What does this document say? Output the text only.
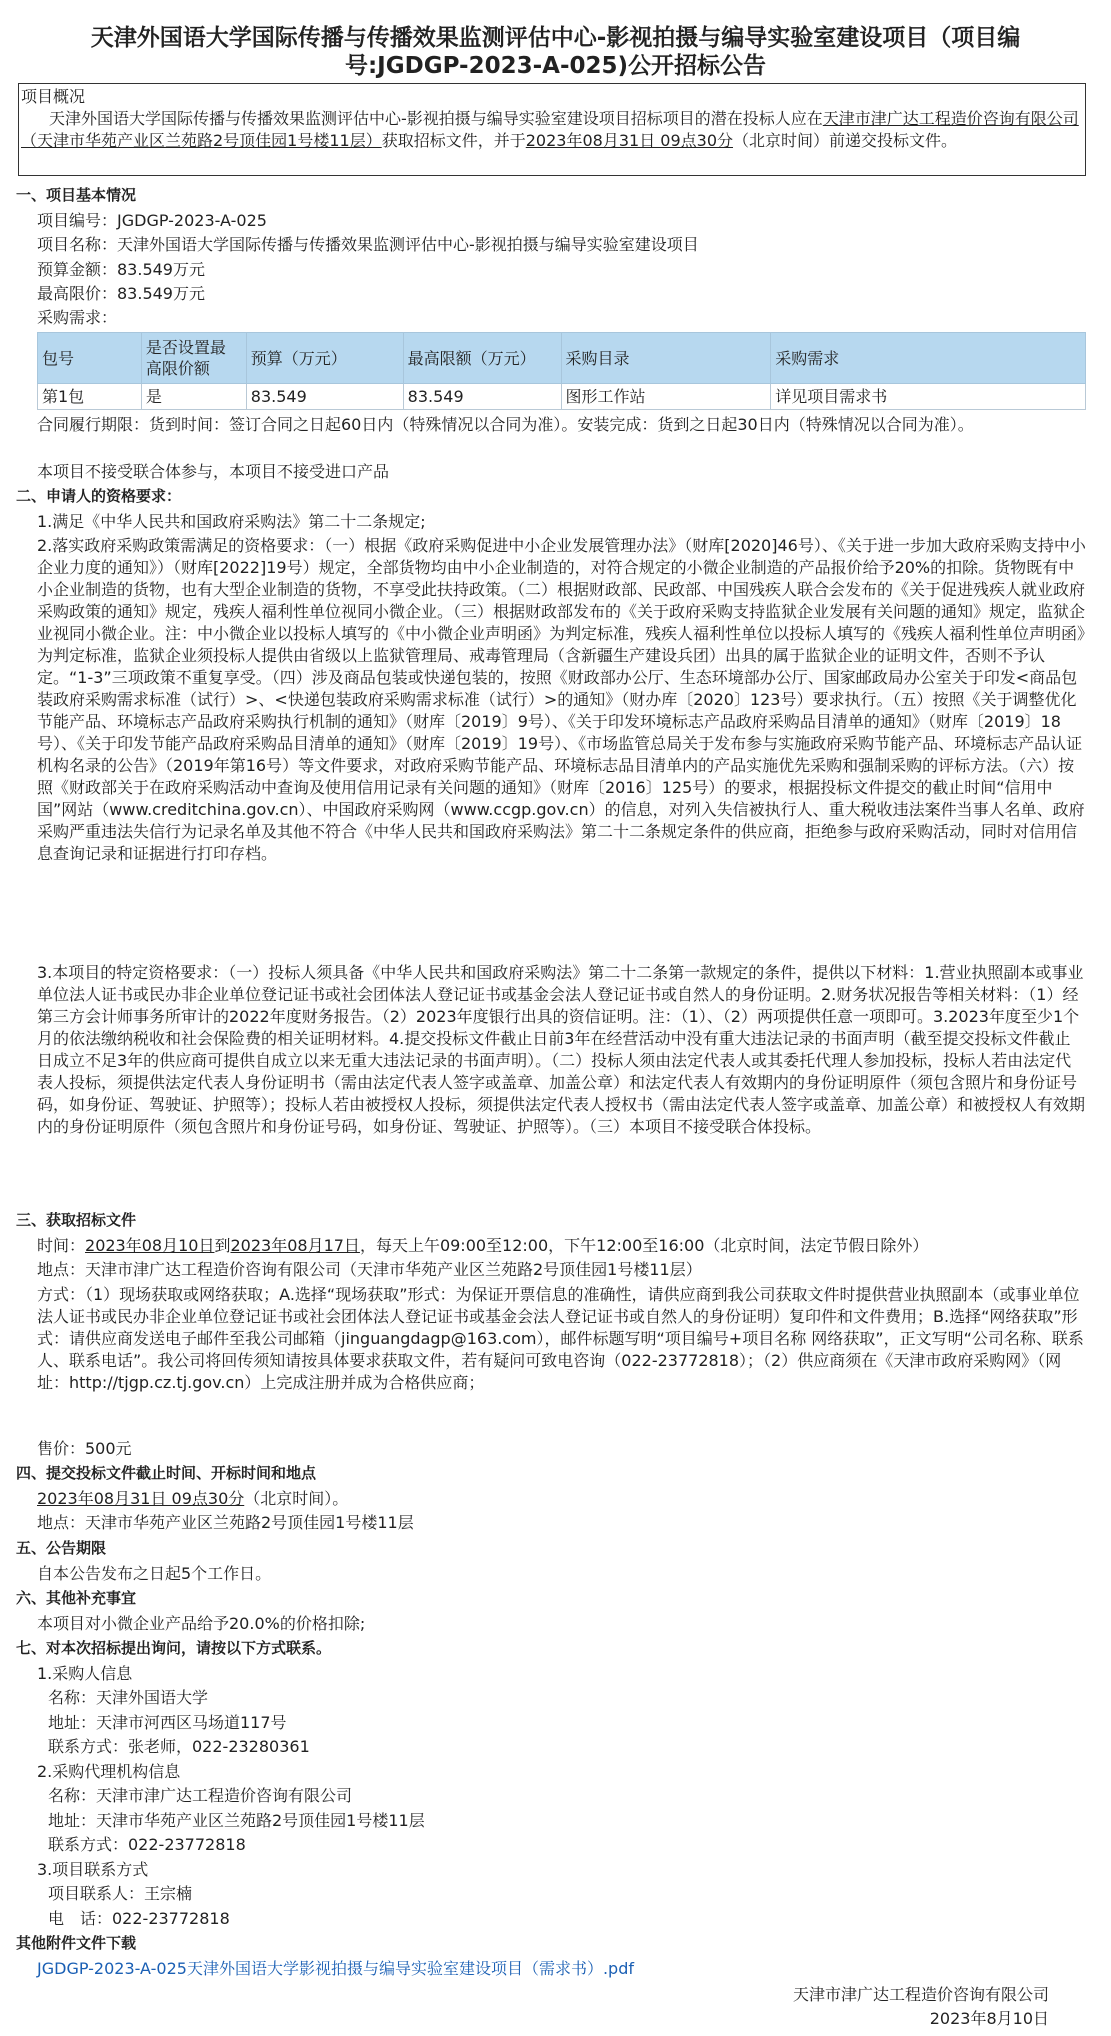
天津外国语大学国际传播与传播效果监测评估中心-影视拍摄与编导实验室建设项目（项目编号:JGDGP-2023-A-025)公开招标公告
项目概况
天津外国语大学国际传播与传播效果监测评估中心-影视拍摄与编导实验室建设项目招标项目的潜在投标人应在天津市津广达工程造价咨询有限公司（天津市华苑产业区兰苑路2号顶佳园1号楼11层）获取招标文件，并于2023年08月31日 09点30分（北京时间）前递交投标文件。
一、项目基本情况
项目编号：JGDGP-2023-A-025
项目名称：天津外国语大学国际传播与传播效果监测评估中心-影视拍摄与编导实验室建设项目
预算金额：83.549万元
最高限价：83.549万元
采购需求：
包号	是否设置最高限价额	预算（万元）	最高限额（万元）	采购目录	采购需求
第1包	是	83.549	83.549	图形工作站	详见项目需求书
合同履行期限：货到时间：签订合同之日起60日内（特殊情况以合同为准）。安装完成：货到之日起30日内（特殊情况以合同为准）。
本项目不接受联合体参与，本项目不接受进口产品
二、申请人的资格要求：
1.满足《中华人民共和国政府采购法》第二十二条规定;
2.落实政府采购政策需满足的资格要求：（一）根据《政府采购促进中小企业发展管理办法》（财库[2020]46号）、《关于进一步加大政府采购支持中小企业力度的通知》）（财库[2022]19号）规定，全部货物均由中小企业制造的，对符合规定的小微企业制造的产品报价给予20%的扣除。货物既有中小企业制造的货物，也有大型企业制造的货物，不享受此扶持政策。（二）根据财政部、民政部、中国残疾人联合会发布的《关于促进残疾人就业政府采购政策的通知》规定，残疾人福利性单位视同小微企业。（三）根据财政部发布的《关于政府采购支持监狱企业发展有关问题的通知》规定，监狱企业视同小微企业。注：中小微企业以投标人填写的《中小微企业声明函》为判定标准，残疾人福利性单位以投标人填写的《残疾人福利性单位声明函》为判定标准，监狱企业须投标人提供由省级以上监狱管理局、戒毒管理局（含新疆生产建设兵团）出具的属于监狱企业的证明文件，否则不予认定。“1-3”三项政策不重复享受。（四）涉及商品包装或快递包装的，按照《财政部办公厅、生态环境部办公厅、国家邮政局办公室关于印发<商品包装政府采购需求标准（试行）>、<快递包装政府采购需求标准（试行）>的通知》（财办库〔2020〕123号）要求执行。（五）按照《关于调整优化节能产品、环境标志产品政府采购执行机制的通知》（财库〔2019〕9号）、《关于印发环境标志产品政府采购品目清单的通知》（财库〔2019〕18号）、《关于印发节能产品政府采购品目清单的通知》（财库〔2019〕19号）、《市场监管总局关于发布参与实施政府采购节能产品、环境标志产品认证机构名录的公告》（2019年第16号）等文件要求，对政府采购节能产品、环境标志品目清单内的产品实施优先采购和强制采购的评标方法。（六）按照《财政部关于在政府采购活动中查询及使用信用记录有关问题的通知》（财库〔2016〕125号）的要求，根据投标文件提交的截止时间“信用中国”网站（www.creditchina.gov.cn）、中国政府采购网（www.ccgp.gov.cn）的信息，对列入失信被执行人、重大税收违法案件当事人名单、政府采购严重违法失信行为记录名单及其他不符合《中华人民共和国政府采购法》第二十二条规定条件的供应商，拒绝参与政府采购活动，同时对信用信息查询记录和证据进行打印存档。
3.本项目的特定资格要求：（一）投标人须具备《中华人民共和国政府采购法》第二十二条第一款规定的条件，提供以下材料：1.营业执照副本或事业单位法人证书或民办非企业单位登记证书或社会团体法人登记证书或基金会法人登记证书或自然人的身份证明。2.财务状况报告等相关材料：（1）经第三方会计师事务所审计的2022年度财务报告。（2）2023年度银行出具的资信证明。注：（1）、（2）两项提供任意一项即可。3.2023年度至少1个月的依法缴纳税收和社会保险费的相关证明材料。4.提交投标文件截止日前3年在经营活动中没有重大违法记录的书面声明（截至提交投标文件截止日成立不足3年的供应商可提供自成立以来无重大违法记录的书面声明）。（二）投标人须由法定代表人或其委托代理人参加投标，投标人若由法定代表人投标，须提供法定代表人身份证明书（需由法定代表人签字或盖章、加盖公章）和法定代表人有效期内的身份证明原件（须包含照片和身份证号码，如身份证、驾驶证、护照等）；投标人若由被授权人投标，须提供法定代表人授权书（需由法定代表人签字或盖章、加盖公章）和被授权人有效期内的身份证明原件（须包含照片和身份证号码，如身份证、驾驶证、护照等）。（三）本项目不接受联合体投标。
三、获取招标文件
时间：2023年08月10日到2023年08月17日，每天上午09:00至12:00，下午12:00至16:00（北京时间，法定节假日除外）
地点：天津市津广达工程造价咨询有限公司（天津市华苑产业区兰苑路2号顶佳园1号楼11层）
方式：（1）现场获取或网络获取；A.选择“现场获取”形式：为保证开票信息的准确性，请供应商到我公司获取文件时提供营业执照副本（或事业单位法人证书或民办非企业单位登记证书或社会团体法人登记证书或基金会法人登记证书或自然人的身份证明）复印件和文件费用；B.选择“网络获取”形式：请供应商发送电子邮件至我公司邮箱（jinguangdagp@163.com），邮件标题写明“项目编号+项目名称 网络获取”，正文写明“公司名称、联系人、联系电话”。我公司将回传须知请按具体要求获取文件，若有疑问可致电咨询（022-23772818）；（2）供应商须在《天津市政府采购网》（网址：http://tjgp.cz.tj.gov.cn）上完成注册并成为合格供应商；
售价：500元
四、提交投标文件截止时间、开标时间和地点
2023年08月31日 09点30分（北京时间）。
地点：天津市华苑产业区兰苑路2号顶佳园1号楼11层
五、公告期限
自本公告发布之日起5个工作日。
六、其他补充事宜
本项目对小微企业产品给予20.0%的价格扣除;
七、对本次招标提出询问，请按以下方式联系。
1.采购人信息
名称：天津外国语大学
地址：天津市河西区马场道117号
联系方式：张老师，022-23280361
2.采购代理机构信息
名称：天津市津广达工程造价咨询有限公司
地址：天津市华苑产业区兰苑路2号顶佳园1号楼11层
联系方式：022-23772818
3.项目联系方式
项目联系人：王宗楠
电　话：022-23772818
其他附件文件下载
JGDGP-2023-A-025天津外国语大学影视拍摄与编导实验室建设项目（需求书）.pdf
天津市津广达工程造价咨询有限公司
2023年8月10日
